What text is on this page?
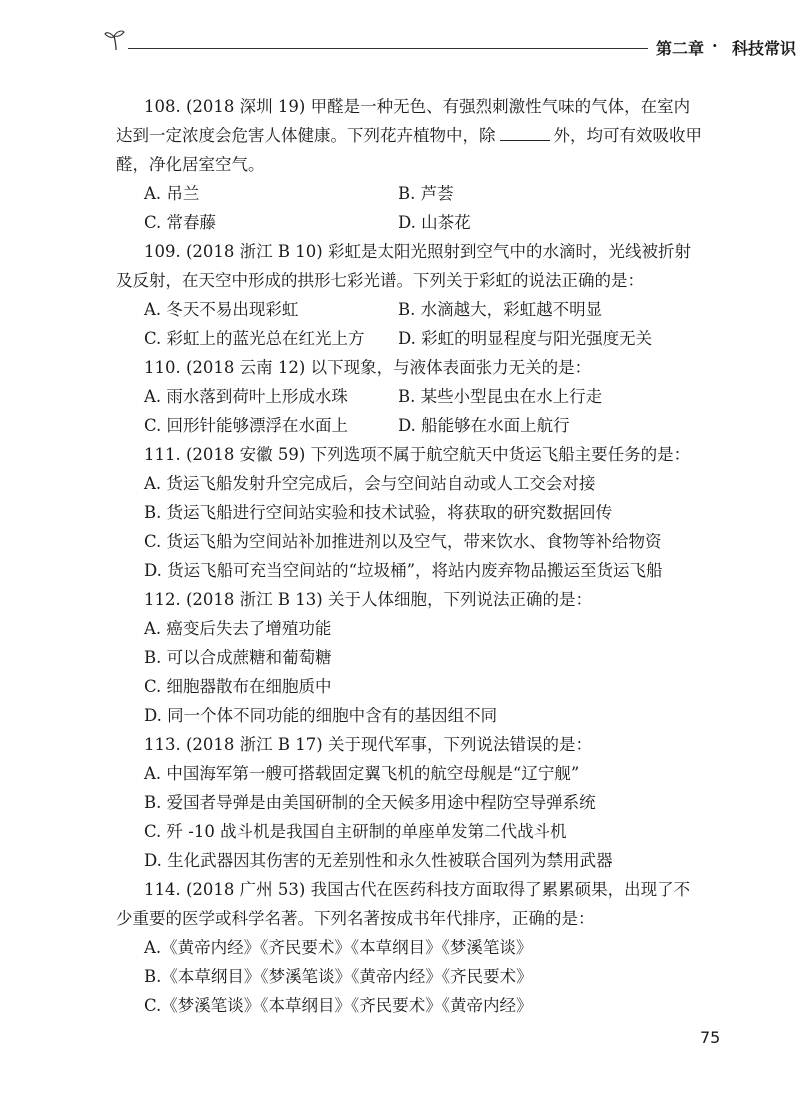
第二章 · 科技常识

108. (2018 深圳 19) 甲醛是一种无色、有强烈刺激性气味的气体，在室内达到一定浓度会危害人体健康。下列花卉植物中，除	外，均可有效吸收甲醛，净化居室空气。

A. 吊兰	B. 芦荟
C. 常春藤	D. 山茶花

109. (2018 浙江 B 10) 彩虹是太阳光照射到空气中的水滴时，光线被折射及反射，在天空中形成的拱形七彩光谱。下列关于彩虹的说法正确的是：

A. 冬天不易出现彩虹	B. 水滴越大，彩虹越不明显
C. 彩虹上的蓝光总在红光上方	D. 彩虹的明显程度与阳光强度无关

110. (2018 云南 12) 以下现象，与液体表面张力无关的是：

A. 雨水落到荷叶上形成水珠	B. 某些小型昆虫在水上行走
C. 回形针能够漂浮在水面上	D. 船能够在水面上航行

111. (2018 安徽 59) 下列选项不属于航空航天中货运飞船主要任务的是：

A. 货运飞船发射升空完成后，会与空间站自动或人工交会对接
B. 货运飞船进行空间站实验和技术试验，将获取的研究数据回传
C. 货运飞船为空间站补加推进剂以及空气，带来饮水、食物等补给物资
D. 货运飞船可充当空间站的“垃圾桶”，将站内废弃物品搬运至货运飞船

112. (2018 浙江 B 13) 关于人体细胞，下列说法正确的是：

A. 癌变后失去了增殖功能
B. 可以合成蔗糖和葡萄糖
C. 细胞器散布在细胞质中
D. 同一个体不同功能的细胞中含有的基因组不同

113. (2018 浙江 B 17) 关于现代军事，下列说法错误的是：

A. 中国海军第一艘可搭载固定翼飞机的航空母舰是“辽宁舰”
B. 爱国者导弹是由美国研制的全天候多用途中程防空导弹系统
C. 歼 -10 战斗机是我国自主研制的单座单发第二代战斗机
D. 生化武器因其伤害的无差别性和永久性被联合国列为禁用武器

114. (2018 广州 53) 我国古代在医药科技方面取得了累累硕果，出现了不少重要的医学或科学名著。下列名著按成书年代排序，正确的是：

A.《黄帝内经》《齐民要术》《本草纲目》《梦溪笔谈》
B.《本草纲目》《梦溪笔谈》《黄帝内经》《齐民要术》
C.《梦溪笔谈》《本草纲目》《齐民要术》《黄帝内经》
75
